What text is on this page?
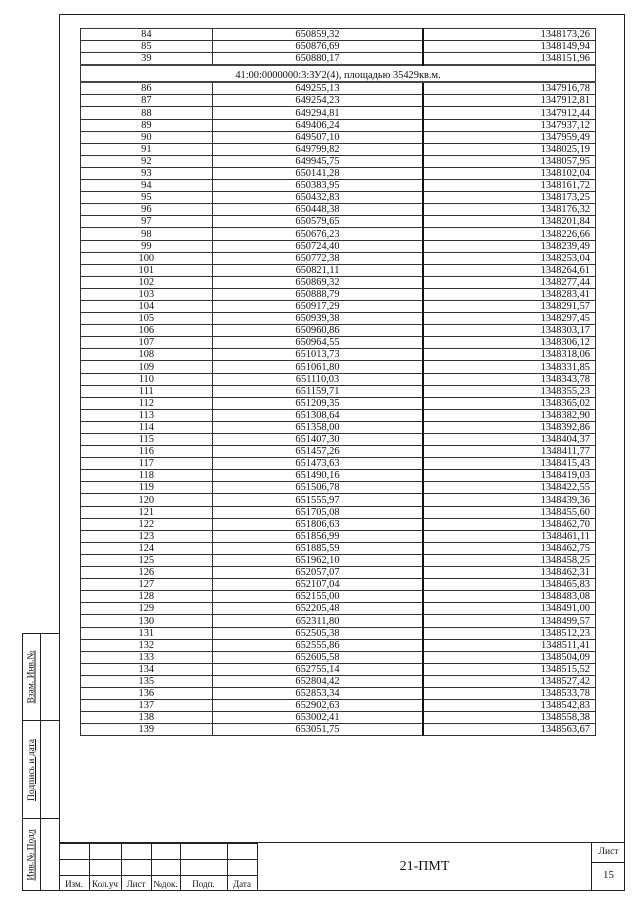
Взам. Инв.№
Подпись и дата
Инв.№ Подл
84	650859,32	1348173,26
85	650876,69	1348149,94
39	650880,17	1348151,96
41:00:0000000:3:ЗУ2(4), площадью 35429кв.м.		
86	649255,13	1347916,78
87	649254,23	1347912,81
88	649294,81	1347912,44
89	649406,24	1347937,12
90	649507,10	1347959,49
91	649799,82	1348025,19
92	649945,75	1348057,95
93	650141,28	1348102,04
94	650383,95	1348161,72
95	650432,83	1348173,25
96	650448,38	1348176,32
97	650579,65	1348201,84
98	650676,23	1348226,66
99	650724,40	1348239,49
100	650772,38	1348253,04
101	650821,11	1348264,61
102	650869,32	1348277,44
103	650888,79	1348283,41
104	650917,29	1348291,57
105	650939,38	1348297,45
106	650960,86	1348303,17
107	650964,55	1348306,12
108	651013,73	1348318,06
109	651061,80	1348331,85
110	651110,03	1348343,78
111	651159,71	1348355,23
112	651209,35	1348365,02
113	651308,64	1348382,90
114	651358,00	1348392,86
115	651407,30	1348404,37
116	651457,26	1348411,77
117	651473,63	1348415,43
118	651490,16	1348419,03
119	651506,78	1348422,55
120	651555,97	1348439,36
121	651705,08	1348455,60
122	651806,63	1348462,70
123	651856,99	1348461,11
124	651885,59	1348462,75
125	651962,10	1348458,25
126	652057,07	1348462,31
127	652107,04	1348465,83
128	652155,00	1348483,08
129	652205,48	1348491,00
130	652311,80	1348499,57
131	652505,38	1348512,23
132	652555,86	1348511,41
133	652605,58	1348504,09
134	652755,14	1348515,52
135	652804,42	1348527,42
136	652853,34	1348533,78
137	652902,63	1348542,83
138	653002,41	1348558,38
139	653051,75	1348563,67
Изм.	Кол.уч Лист №док.	Подп.	Дата
21-ПМТ
Лист
15
